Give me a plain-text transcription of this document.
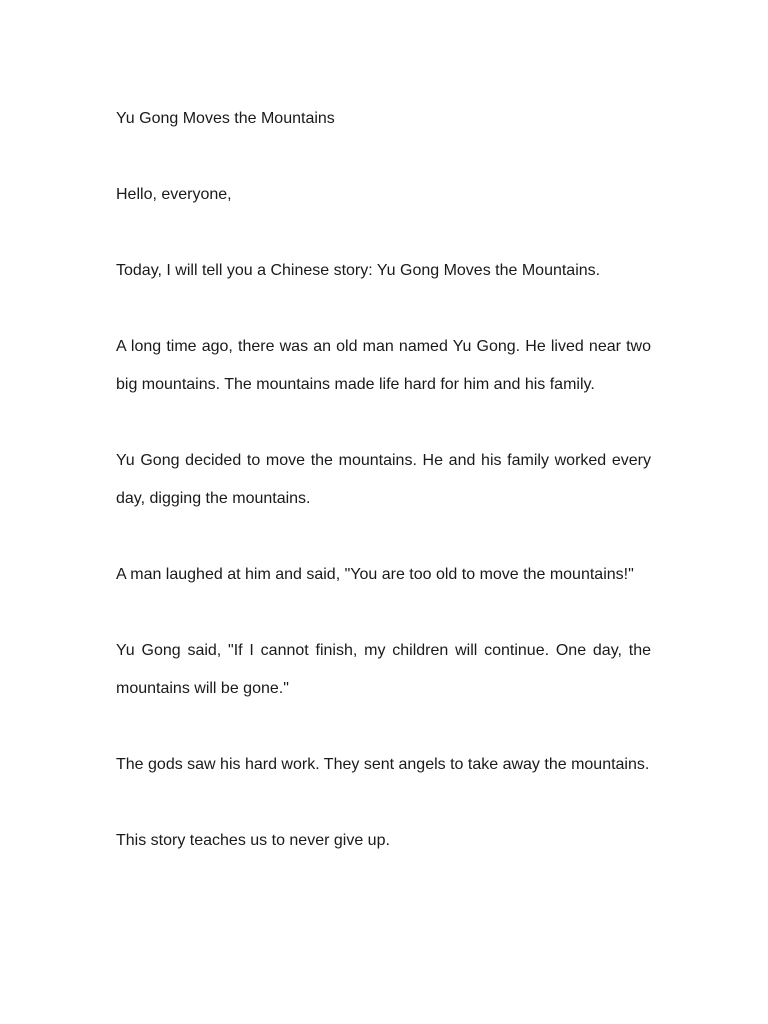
Yu Gong Moves the Mountains

Hello, everyone,

Today, I will tell you a Chinese story: Yu Gong Moves the Mountains.

A long time ago, there was an old man named Yu Gong. He lived near two big mountains. The mountains made life hard for him and his family.

Yu Gong decided to move the mountains. He and his family worked every day, digging the mountains.

A man laughed at him and said, "You are too old to move the mountains!"

Yu Gong said, "If I cannot finish, my children will continue. One day, the mountains will be gone."

The gods saw his hard work. They sent angels to take away the mountains.

This story teaches us to never give up.
